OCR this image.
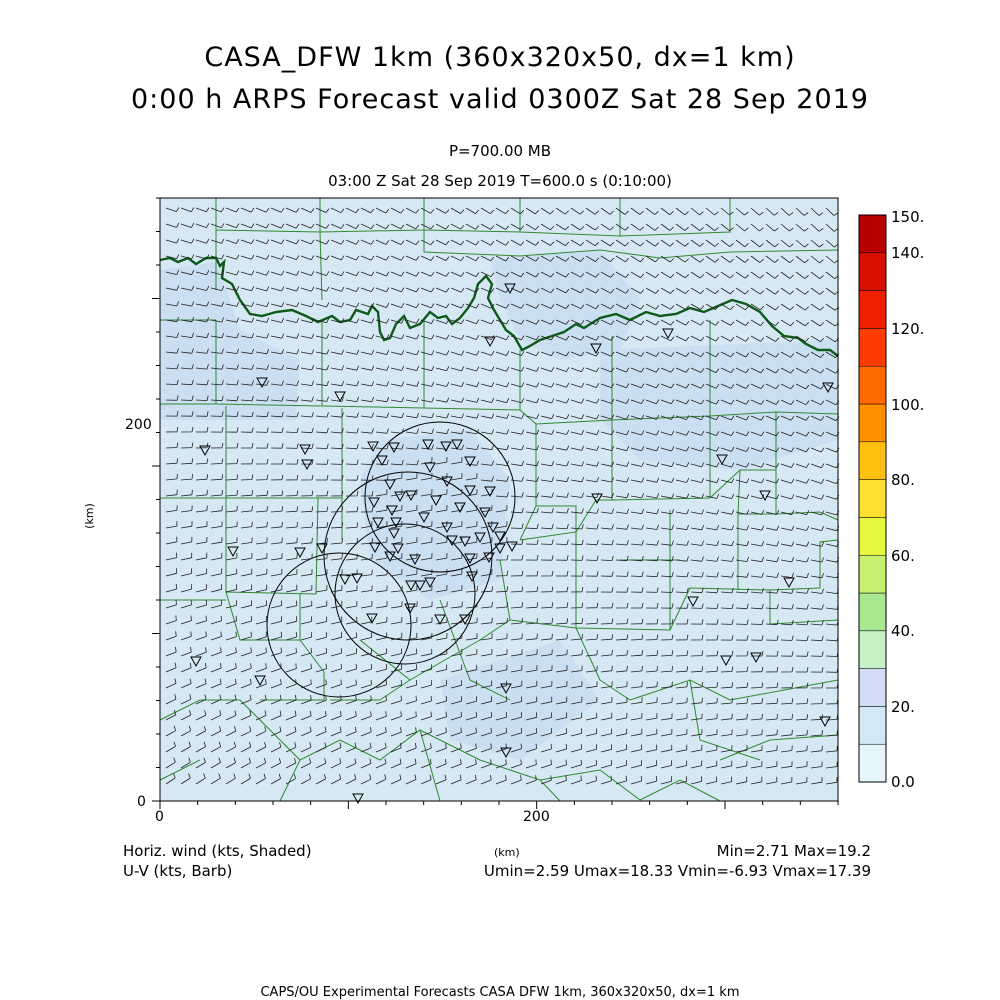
CASA_DFW 1km (360x320x50, dx=1 km)
0:00 h ARPS Forecast valid 0300Z Sat 28 Sep 2019
P=700.00 MB
03:00 Z Sat 28 Sep 2019 T=600.0 s (0:10:00)
200
0
0	200
(km)
(km)
0.0
20.
40.
60.
80.
100.
120.
140.
150.
Horiz. wind (kts, Shaded)
U-V (kts, Barb)
Min=2.71 Max=19.2
Umin=2.59 Umax=18.33 Vmin=-6.93 Vmax=17.39
CAPS/OU Experimental Forecasts CASA DFW 1km, 360x320x50, dx=1 km
